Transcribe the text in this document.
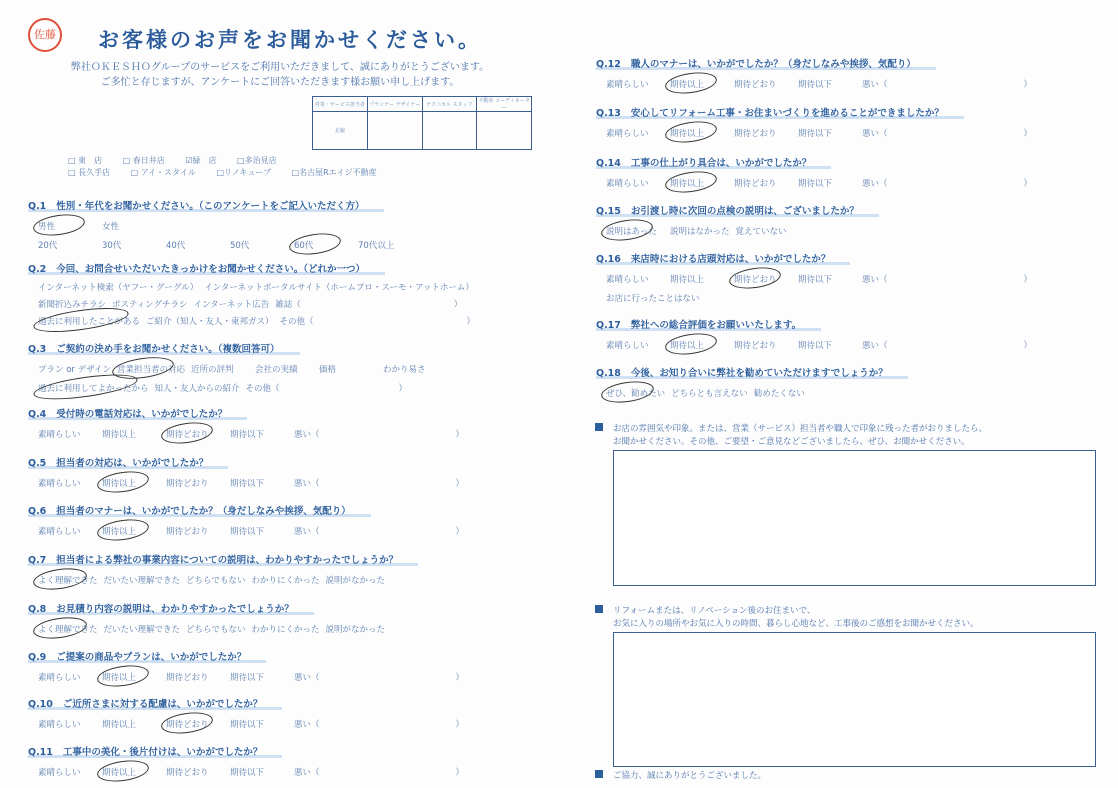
佐藤 お客様のお声をお聞かせください。
弊社ＯＫＥＳＨＯグループのサービスをご利用いただきまして、誠にありがとうございます。
ご多忙と存じますが、アンケートにご回答いただきます様お願い申し上げます。
営業・サービス担当者	プランナー デザイナー	テクニカル スタッフ	不動産 コーディネーター
北脇			
□ 東　店	□ 春日井店	☑緑　店	□多治見店
□ 長久手店	□ アイ・スタイル	□リノキューブ	□名古屋Rエイジ不動産
Q.1 性別・年代をお聞かせください。（このアンケートをご記入いただく方）
男性	女性
20代	30代	40代	50代	60代	70代以上
Q.2 今回、お問合せいただいたきっかけをお聞かせください。（どれか一つ）
インターネット検索（ヤフー・グーグル） インターネットポータルサイト（ホームプロ・スーモ・アットホーム）
新聞折込みチラシ ポスティングチラシ インターネット広告 雑誌（　　　　　　　　　　　　　　　　　　）
過去に利用したことがある ご紹介（知人・友人・東邦ガス） その他（　　　　　　　　　　　　　　　　　　）
Q.3 ご契約の決め手をお聞かせください。（複数回答可）
プラン or デザイン 営業担当者の対応 近所の評判	会社の実績	価格	わかり易さ
過去に利用してよかったから 知人・友人からの紹介 その他（　　　　　　　　　　　　　　）
Q.4 受付時の電話対応は、いかがでしたか？
素晴らしい	期待以上	期待どおり	期待以下	悪い（　　　　　　　　　　　　　　　　）
Q.5 担当者の対応は、いかがでしたか？
素晴らしい	期待以上	期待どおり	期待以下	悪い（　　　　　　　　　　　　　　　　）
Q.6 担当者のマナーは、いかがでしたか？（身だしなみや挨拶、気配り）
素晴らしい	期待以上	期待どおり	期待以下	悪い（　　　　　　　　　　　　　　　　）
Q.7 担当者による弊社の事業内容についての説明は、わかりやすかったでしょうか？
よく理解できた だいたい理解できた どちらでもない わかりにくかった 説明がなかった
Q.8 お見積り内容の説明は、わかりやすかったでしょうか？
よく理解できた だいたい理解できた どちらでもない わかりにくかった 説明がなかった
Q.9 ご提案の商品やプランは、いかがでしたか？
素晴らしい	期待以上	期待どおり	期待以下	悪い（　　　　　　　　　　　　　　　　）
Q.10 ご近所さまに対する配慮は、いかがでしたか？
素晴らしい	期待以上	期待どおり	期待以下	悪い（　　　　　　　　　　　　　　　　）
Q.11 工事中の美化・後片付けは、いかがでしたか？
素晴らしい	期待以上	期待どおり	期待以下	悪い（　　　　　　　　　　　　　　　　）
Q.12 職人のマナーは、いかがでしたか？（身だしなみや挨拶、気配り）
素晴らしい	期待以上	期待どおり	期待以下	悪い（　　　　　　　　　　　　　　　　）
Q.13 安心してリフォーム工事・お住まいづくりを進めることができましたか？
素晴らしい	期待以上	期待どおり	期待以下	悪い（　　　　　　　　　　　　　　　　）
Q.14 工事の仕上がり具合は、いかがでしたか？
素晴らしい	期待以上	期待どおり	期待以下	悪い（　　　　　　　　　　　　　　　　）
Q.15 お引渡し時に次回の点検の説明は、ございましたか？
説明はあった 説明はなかった 覚えていない
Q.16 来店時における店頭対応は、いかがでしたか？
素晴らしい	期待以上	期待どおり	期待以下	悪い（　　　　　　　　　　　　　　　　）
お店に行ったことはない
Q.17 弊社への総合評価をお願いいたします。
素晴らしい	期待以上	期待どおり	期待以下	悪い（　　　　　　　　　　　　　　　　）
Q.18 今後、お知り合いに弊社を勧めていただけますでしょうか？
ぜひ、勧めたい どちらとも言えない 勧めたくない
お店の雰囲気や印象。または、営業（サービス）担当者や職人で印象に残った者がおりましたら、
お聞かせください。その他、ご要望・ご意見などございましたら、ぜひ、お聞かせください。
リフォームまたは、リノベーション後のお住まいで、
お気に入りの場所やお気に入りの時間、暮らし心地など、工事後のご感想をお聞かせください。
ご協力、誠にありがとうございました。
